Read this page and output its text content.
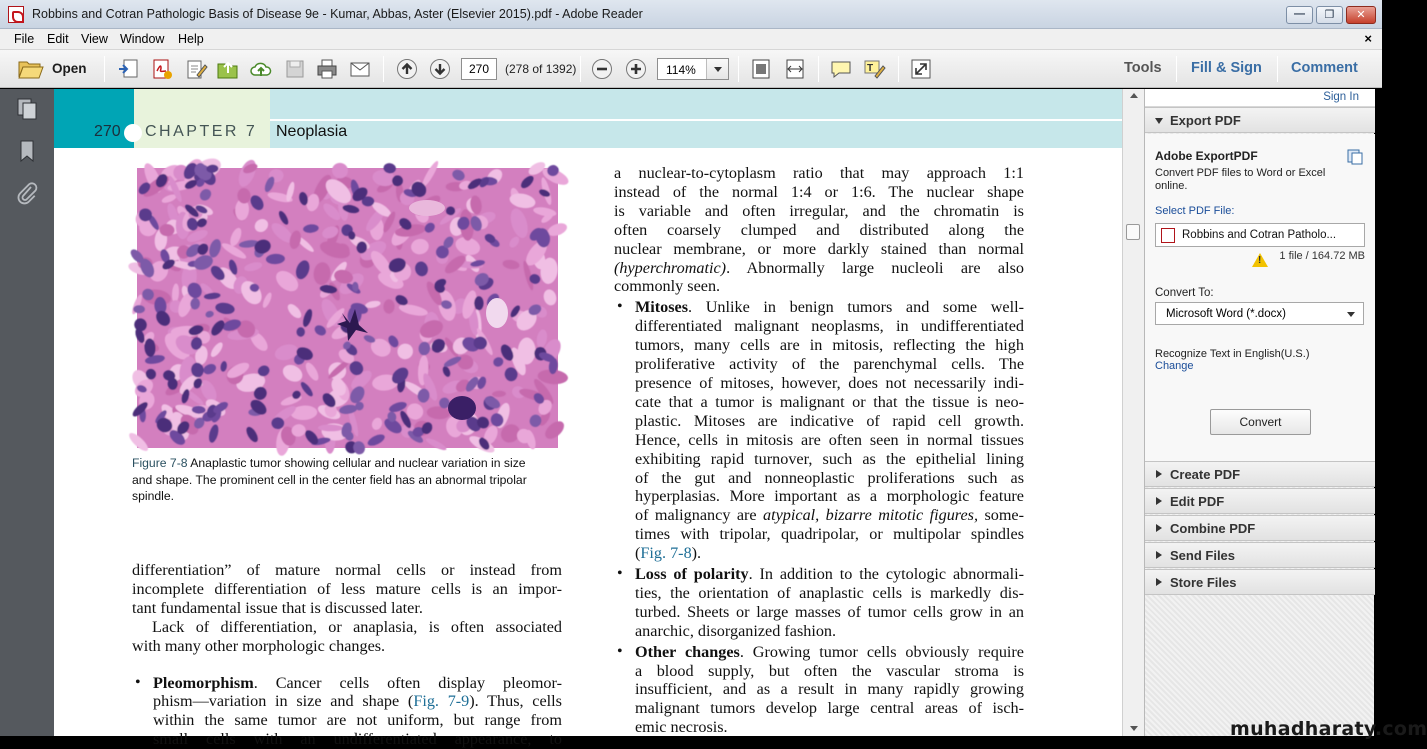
Robbins and Cotran Pathologic Basis of Disease 9e - Kumar, Abbas, Aster (Elsevier 2015).pdf - Adobe Reader	—	❐	✕
File Edit View Window Help	×
Open
270	(278 of 1392)	114%	T	Tools Fill & Sign Comment
270 CHAPTER 7 Neoplasia
Figure 7-8 Anaplastic tumor showing cellular and nuclear variation in size
and shape. The prominent cell in the center field has an abnormal tripolar
spindle.

differentiation” of mature normal cells or instead from

incomplete differentiation of less mature cells is an impor-

tant fundamental issue that is discussed later.

Lack of differentiation, or anaplasia, is often associated

with many other morphologic changes.

• Pleomorphism. Cancer cells often display pleomor-

phism—variation in size and shape (Fig. 7-9). Thus, cells

within the same tumor are not uniform, but range from

small cells with an undifferentiated appearance, to

a nuclear-to-cytoplasm ratio that may approach 1:1

instead of the normal 1:4 or 1:6. The nuclear shape

is variable and often irregular, and the chromatin is

often coarsely clumped and distributed along the

nuclear membrane, or more darkly stained than normal

(hyperchromatic). Abnormally large nucleoli are also

commonly seen.

• Mitoses. Unlike in benign tumors and some well-

differentiated malignant neoplasms, in undifferentiated

tumors, many cells are in mitosis, reflecting the high

proliferative activity of the parenchymal cells. The

presence of mitoses, however, does not necessarily indi-

cate that a tumor is malignant or that the tissue is neo-

plastic. Mitoses are indicative of rapid cell growth.

Hence, cells in mitosis are often seen in normal tissues

exhibiting rapid turnover, such as the epithelial lining

of the gut and nonneoplastic proliferations such as

hyperplasias. More important as a morphologic feature

of malignancy are atypical, bizarre mitotic figures, some-

times with tripolar, quadripolar, or multipolar spindles

(Fig. 7-8).

• Loss of polarity. In addition to the cytologic abnormali-

ties, the orientation of anaplastic cells is markedly dis-

turbed. Sheets or large masses of tumor cells grow in an

anarchic, disorganized fashion.

• Other changes. Growing tumor cells obviously require

a blood supply, but often the vascular stroma is

insufficient, and as a result in many rapidly growing

malignant tumors develop large central areas of isch-

emic necrosis.

Sign In
Export PDF
Adobe ExportPDF
Convert PDF files to Word or Excel online.
Select PDF File:
Robbins and Cotran Patholo...
!
1 file / 164.72 MB
Convert To:
Microsoft Word (*.docx)
Recognize Text in English(U.S.)
Change
Convert
Create PDF
Edit PDF
Combine PDF
Send Files
Store Files
muhadharaty.com
